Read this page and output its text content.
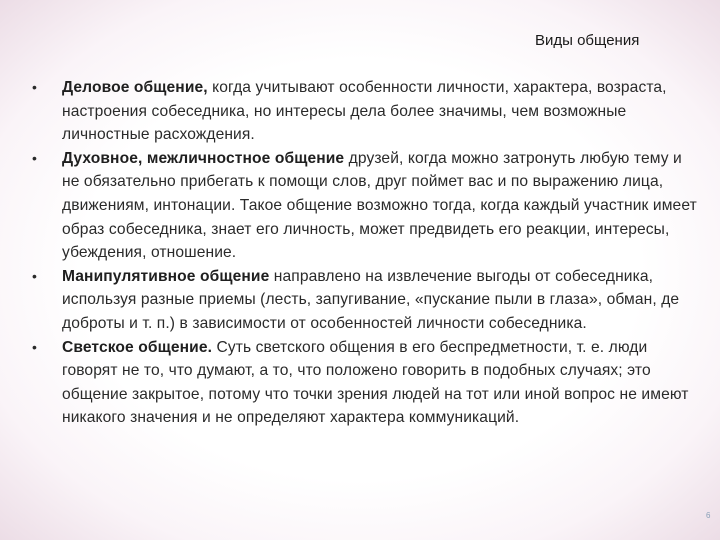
Виды общения
• Деловое общение, когда учитывают особенности личности, характера, возраста, настроения собеседника, но интересы дела более значимы, чем возможные личностные расхождения.
• Духовное, межличностное общение друзей, когда можно затронуть любую тему и не обязательно прибегать к помощи слов, друг поймет вас и по выражению лица, движениям, интонации. Такое общение возможно тогда, когда каждый участник имеет образ собеседника, знает его личность, может предвидеть его реакции, интересы, убеждения, отношение.
• Манипулятивное общение направлено на извлечение выгоды от собеседника, используя разные приемы (лесть, запугивание, «пускание пыли в глаза», обман, де доброты и т. п.) в зависимости от особенностей личности собеседника.
• Светское общение. Суть светского общения в его беспредметности, т. е. люди говорят не то, что думают, а то, что положено говорить в подобных случаях; это общение закрытое, потому что точки зрения людей на тот или иной вопрос не имеют никакого значения и не определяют характера коммуникаций.
6
